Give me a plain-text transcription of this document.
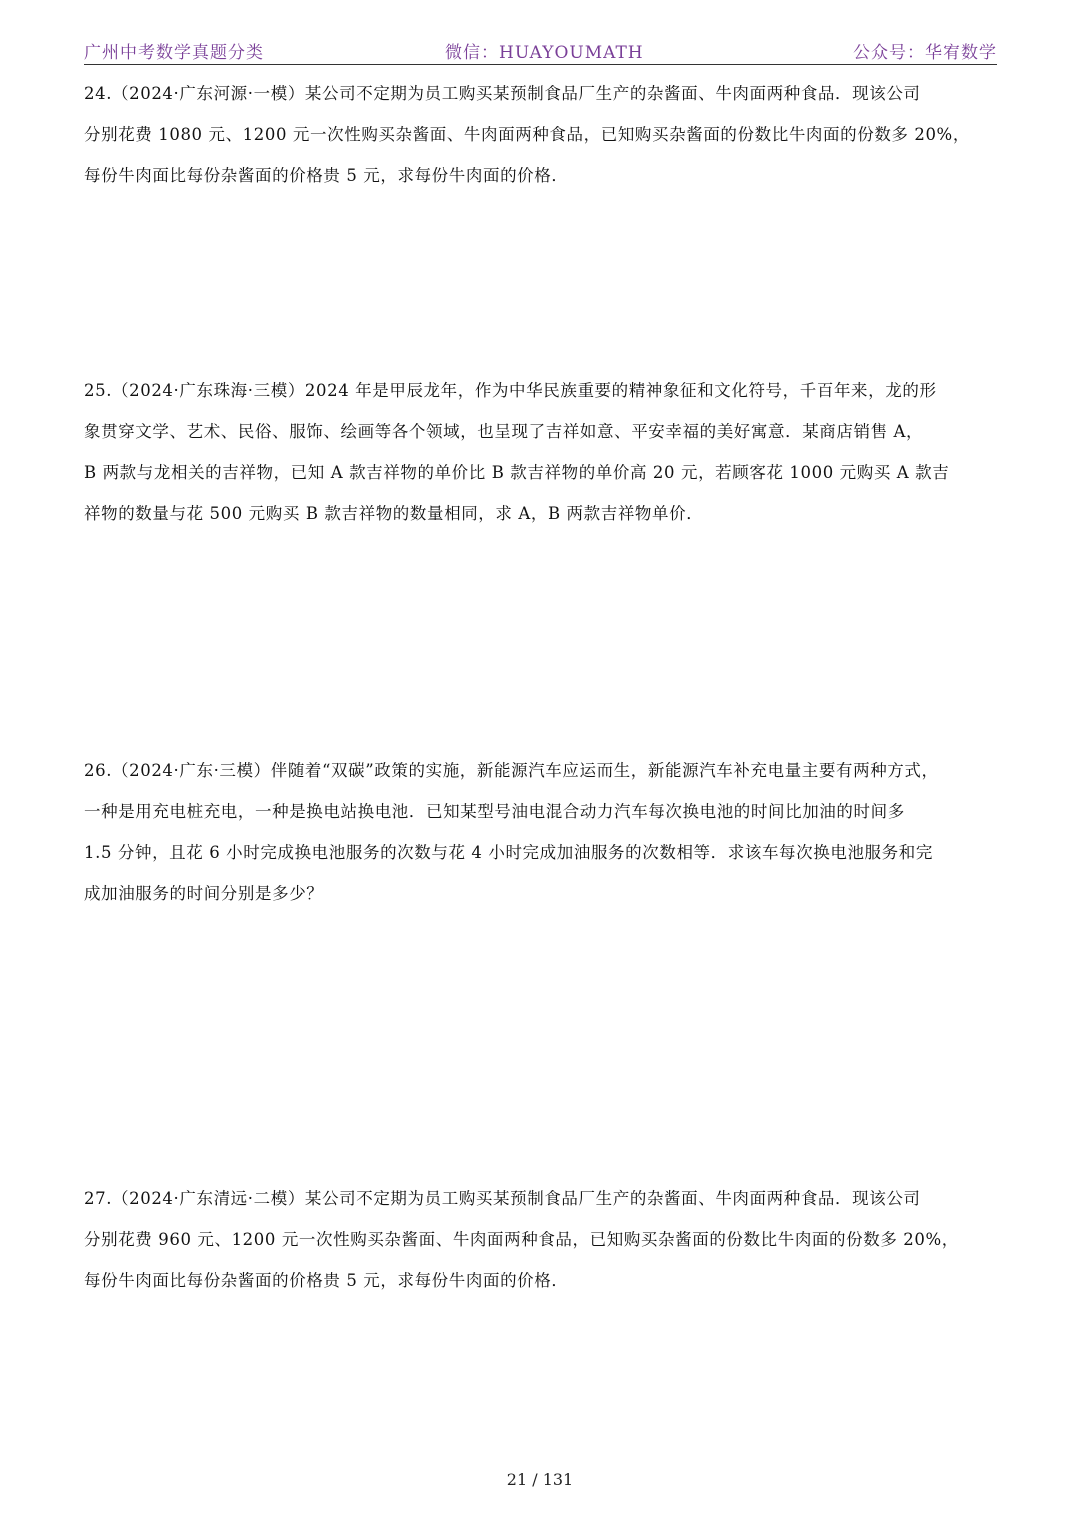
广州中考数学真题分类	微信：HUAYOUMATH	公众号：华宥数学
24.（2024·广东河源·一模）某公司不定期为员工购买某预制食品厂生产的杂酱面、牛肉面两种食品．现该公司
分别花费 1080 元、1200 元一次性购买杂酱面、牛肉面两种食品，已知购买杂酱面的份数比牛肉面的份数多 20%，
每份牛肉面比每份杂酱面的价格贵 5 元，求每份牛肉面的价格．
25.（2024·广东珠海·三模）2024 年是甲辰龙年，作为中华民族重要的精神象征和文化符号，千百年来，龙的形
象贯穿文学、艺术、民俗、服饰、绘画等各个领域，也呈现了吉祥如意、平安幸福的美好寓意．某商店销售 A，
B 两款与龙相关的吉祥物，已知 A 款吉祥物的单价比 B 款吉祥物的单价高 20 元，若顾客花 1000 元购买 A 款吉
祥物的数量与花 500 元购买 B 款吉祥物的数量相同，求 A，B 两款吉祥物单价．
26.（2024·广东·三模）伴随着“双碳”政策的实施，新能源汽车应运而生，新能源汽车补充电量主要有两种方式，
一种是用充电桩充电，一种是换电站换电池．已知某型号油电混合动力汽车每次换电池的时间比加油的时间多
1.5 分钟，且花 6 小时完成换电池服务的次数与花 4 小时完成加油服务的次数相等．求该车每次换电池服务和完
成加油服务的时间分别是多少？
27.（2024·广东清远·二模）某公司不定期为员工购买某预制食品厂生产的杂酱面、牛肉面两种食品．现该公司
分别花费 960 元、1200 元一次性购买杂酱面、牛肉面两种食品，已知购买杂酱面的份数比牛肉面的份数多 20%，
每份牛肉面比每份杂酱面的价格贵 5 元，求每份牛肉面的价格．
21 / 131
